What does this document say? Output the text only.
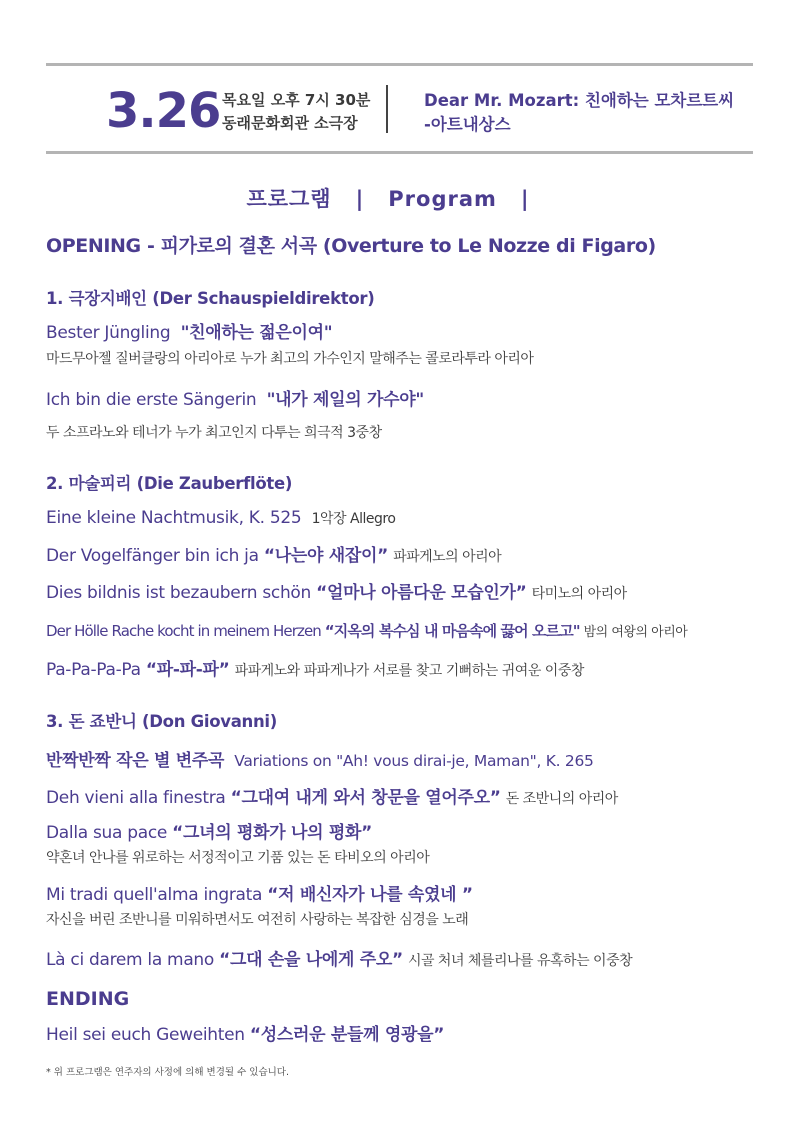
3.26 목요일 오후 7시 30분
동래문화회관 소극장
Dear Mr. Mozart: 친애하는 모차르트씨
-아트내상스
프로그램 | Program |
OPENING - 피가로의 결혼 서곡 (Overture to Le Nozze di Figaro)
1. 극장지배인 (Der Schauspieldirektor)
Bester Jüngling "친애하는 젊은이여"
마드무아젤 질버클랑의 아리아로 누가 최고의 가수인지 말해주는 콜로라투라 아리아
Ich bin die erste Sängerin "내가 제일의 가수야"
두 소프라노와 테너가 누가 최고인지 다투는 희극적 3중창
2. 마술피리 (Die Zauberflöte)
Eine kleine Nachtmusik, K. 525 1악장 Allegro
Der Vogelfänger bin ich ja “나는야 새잡이” 파파게노의 아리아
Dies bildnis ist bezaubern schön “얼마나 아름다운 모습인가” 타미노의 아리아
Der Hölle Rache kocht in meinem Herzen “지옥의 복수심 내 마음속에 끓어 오르고" 밤의 여왕의 아리아
Pa-Pa-Pa-Pa “파-파-파” 파파게노와 파파게나가 서로를 찾고 기뻐하는 귀여운 이중창
3. 돈 죠반니 (Don Giovanni)
반짝반짝 작은 별 변주곡 Variations on "Ah! vous dirai-je, Maman", K. 265
Deh vieni alla finestra “그대여 내게 와서 창문을 열어주오” 돈 조반니의 아리아
Dalla sua pace “그녀의 평화가 나의 평화”
약혼녀 안나를 위로하는 서정적이고 기품 있는 돈 타비오의 아리아
Mi tradi quell'alma ingrata “저 배신자가 나를 속였네 ”
자신을 버린 조반니를 미워하면서도 여전히 사랑하는 복잡한 심경을 노래
Là ci darem la mano “그대 손을 나에게 주오” 시골 처녀 체를리나를 유혹하는 이중창
ENDING
Heil sei euch Geweihten “성스러운 분들께 영광을”
* 위 프로그램은 연주자의 사정에 의해 변경될 수 있습니다.
